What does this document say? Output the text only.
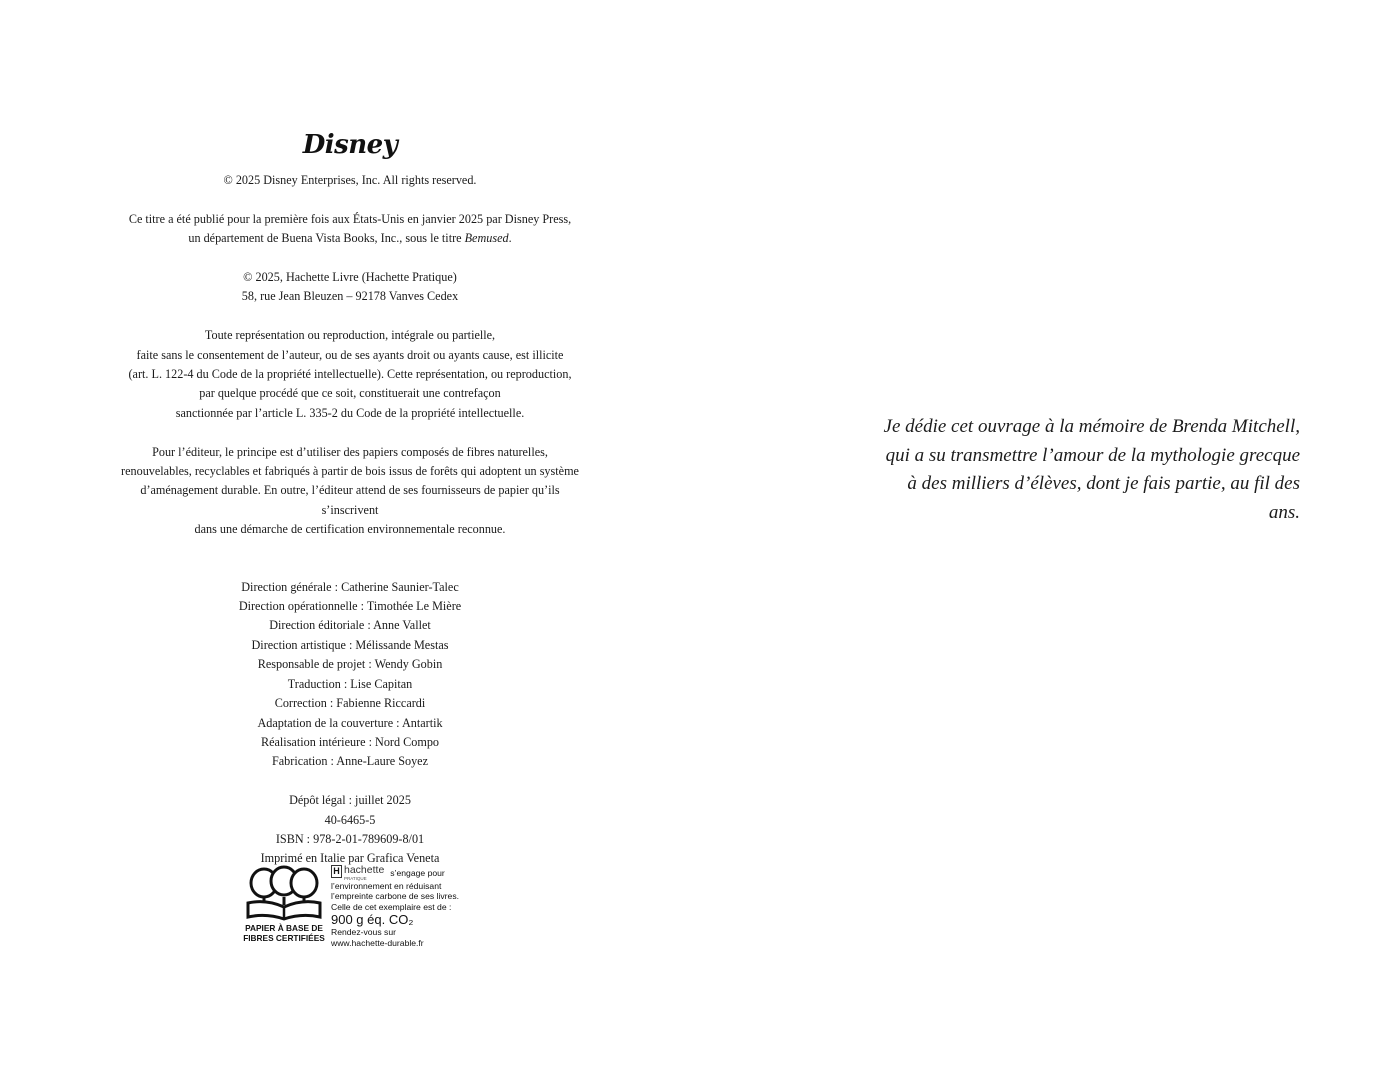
Disney

© 2025 Disney Enterprises, Inc. All rights reserved.

Ce titre a été publié pour la première fois aux États-Unis en janvier 2025 par Disney Press,

un département de Buena Vista Books, Inc., sous le titre Bemused.

© 2025, Hachette Livre (Hachette Pratique)

58, rue Jean Bleuzen – 92178 Vanves Cedex

Toute représentation ou reproduction, intégrale ou partielle,

faite sans le consentement de l’auteur, ou de ses ayants droit ou ayants cause, est illicite

(art. L. 122-4 du Code de la propriété intellectuelle). Cette représentation, ou reproduction,

par quelque procédé que ce soit, constituerait une contrefaçon

sanctionnée par l’article L. 335-2 du Code de la propriété intellectuelle.

Pour l’éditeur, le principe est d’utiliser des papiers composés de fibres naturelles,

renouvelables, recyclables et fabriqués à partir de bois issus de forêts qui adoptent un système

d’aménagement durable. En outre, l’éditeur attend de ses fournisseurs de papier qu’ils s’inscrivent

dans une démarche de certification environnementale reconnue.

Direction générale : Catherine Saunier-Talec

Direction opérationnelle : Timothée Le Mière

Direction éditoriale : Anne Vallet

Direction artistique : Mélissande Mestas

Responsable de projet : Wendy Gobin

Traduction : Lise Capitan

Correction : Fabienne Riccardi

Adaptation de la couverture : Antartik

Réalisation intérieure : Nord Compo

Fabrication : Anne-Laure Soyez

Dépôt légal : juillet 2025

40-6465-5

ISBN : 978-2-01-789609-8/01

Imprimé en Italie par Grafica Veneta

PAPIER À BASE DE
FIBRES CERTIFIÉES
H hachette
PRATIQUE
s’engage pour
l’environnement en réduisant
l’empreinte carbone de ses livres.
Celle de cet exemplaire est de :
900 g éq. CO₂
Rendez-vous sur
www.hachette-durable.fr

Je dédie cet ouvrage à la mémoire de Brenda Mitchell,

qui a su transmettre l’amour de la mythologie grecque

à des milliers d’élèves, dont je fais partie, au fil des ans.
